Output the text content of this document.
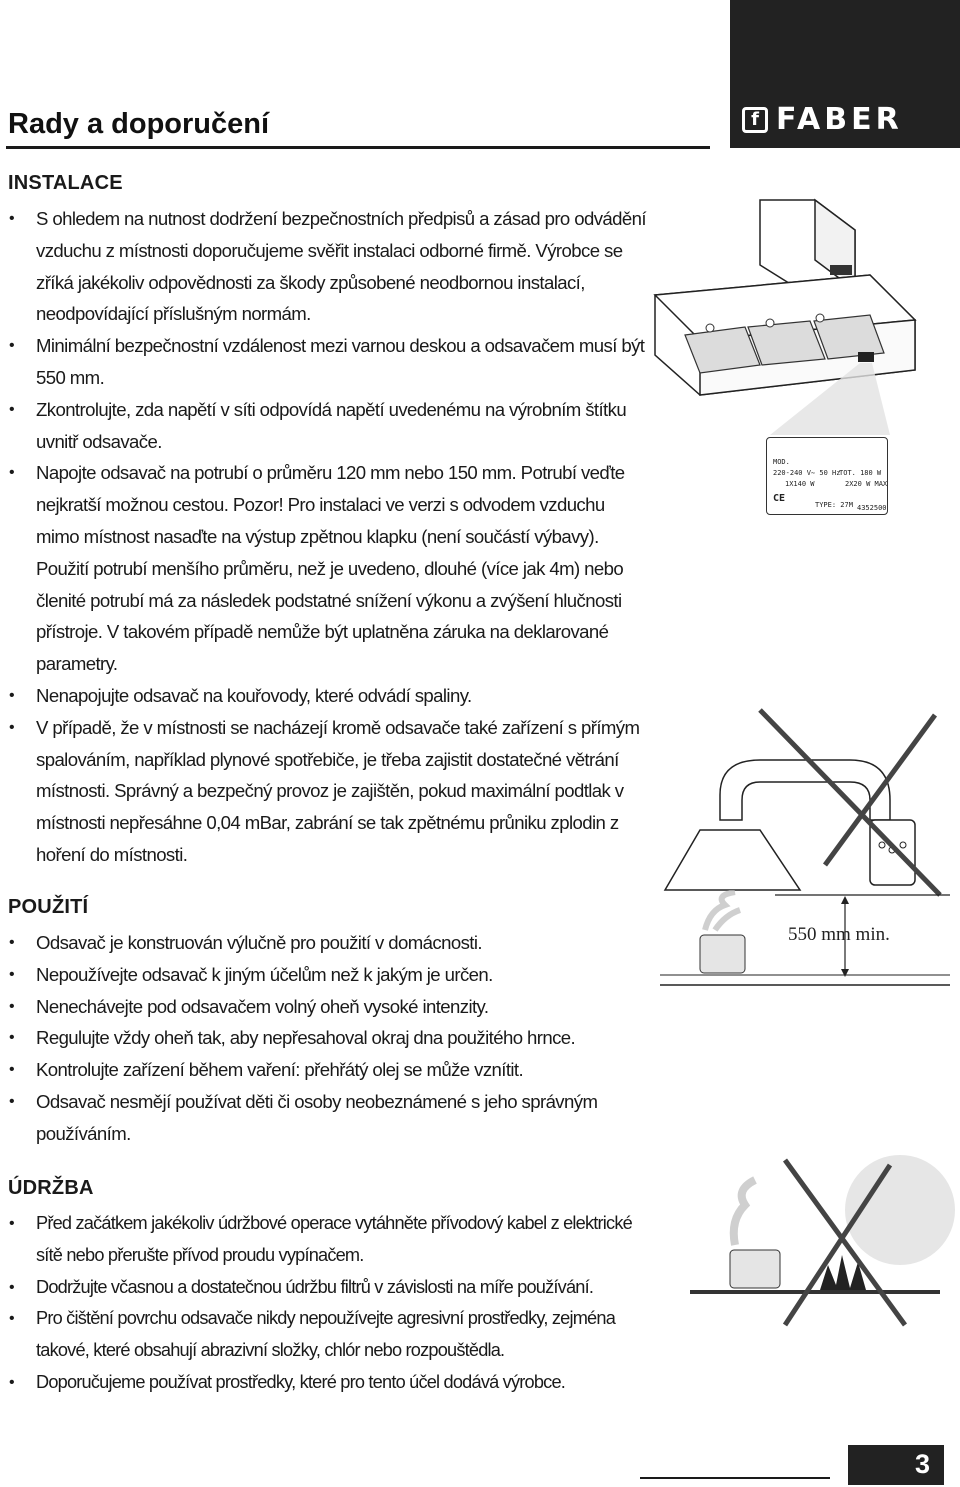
f FABER
Rady a doporučení
INSTALACE
• S ohledem na nutnost dodržení bezpečnostních předpisů a zásad pro odvádění vzduchu z místnosti doporučujeme svěřit instalaci odborné firmě. Výrobce se zříká jakékoliv odpovědnosti za škody způsobené neodbornou instalací, neodpovídající příslušným normám.
• Minimální bezpečnostní vzdálenost mezi varnou deskou a odsavačem musí být 550 mm.
• Zkontrolujte, zda napětí v síti odpovídá napětí uvedenému na výrobním štítku uvnitř odsavače.
• Napojte odsavač na potrubí o průměru 120 mm nebo 150 mm. Potrubí veďte nejkratší možnou cestou. Pozor! Pro instalaci ve verzi s odvodem vzduchu mimo místnost nasaďte na výstup zpětnou klapku (není součástí výbavy). Použití potrubí menšího průměru, než je uvedeno, dlouhé (více jak 4m) nebo členité potrubí má za následek podstatné snížení výkonu a zvýšení hlučnosti přístroje. V takovém případě nemůže být uplatněna záruka na deklarované parametry.
• Nenapojujte odsavač na kouřovody, které odvádí spaliny.
• V případě, že v místnosti se nacházejí kromě odsavače také zařízení s přímým spalováním, například plynové spotřebiče, je třeba zajistit dostatečné větrání místnosti. Správný a bezpečný provoz je zajištěn, pokud maximální podtlak v místnosti nepřesáhne 0,04 mBar, zabrání se tak zpětnému průniku zplodin z hoření do místnosti.
POUŽITÍ
• Odsavač je konstruován výlučně pro použití v domácnosti.
• Nepoužívejte odsavač k jiným účelům než k jakým je určen.
• Nenechávejte pod odsavačem volný oheň vysoké intenzity.
• Regulujte vždy oheň tak, aby nepřesahoval okraj dna použitého hrnce.
• Kontrolujte zařízení během vaření: přehřátý olej se může vznítit.
• Odsavač nesmějí používat děti či osoby neobeznámené s jeho správným používáním.
ÚDRŽBA
• Před začátkem jakékoliv údržbové operace vytáhněte přívodový kabel z elektrické sítě nebo přerušte přívod proudu vypínačem.
• Dodržujte včasnou a dostatečnou údržbu filtrů v závislosti na míře používání.
• Pro čištění povrchu odsavače nikdy nepoužívejte agresivní prostředky, zejména takové, které obsahují abrazivní složky, chlór nebo rozpouštědla.
• Doporučujeme používat prostředky, které pro tento účel dodává výrobce.
MOD.
220-240 V∼ 50 Hz
TOT. 180 W
1X140 W	2X20 W MAX
CE
TYPE: 27M 4352500
550 mm min.
3
